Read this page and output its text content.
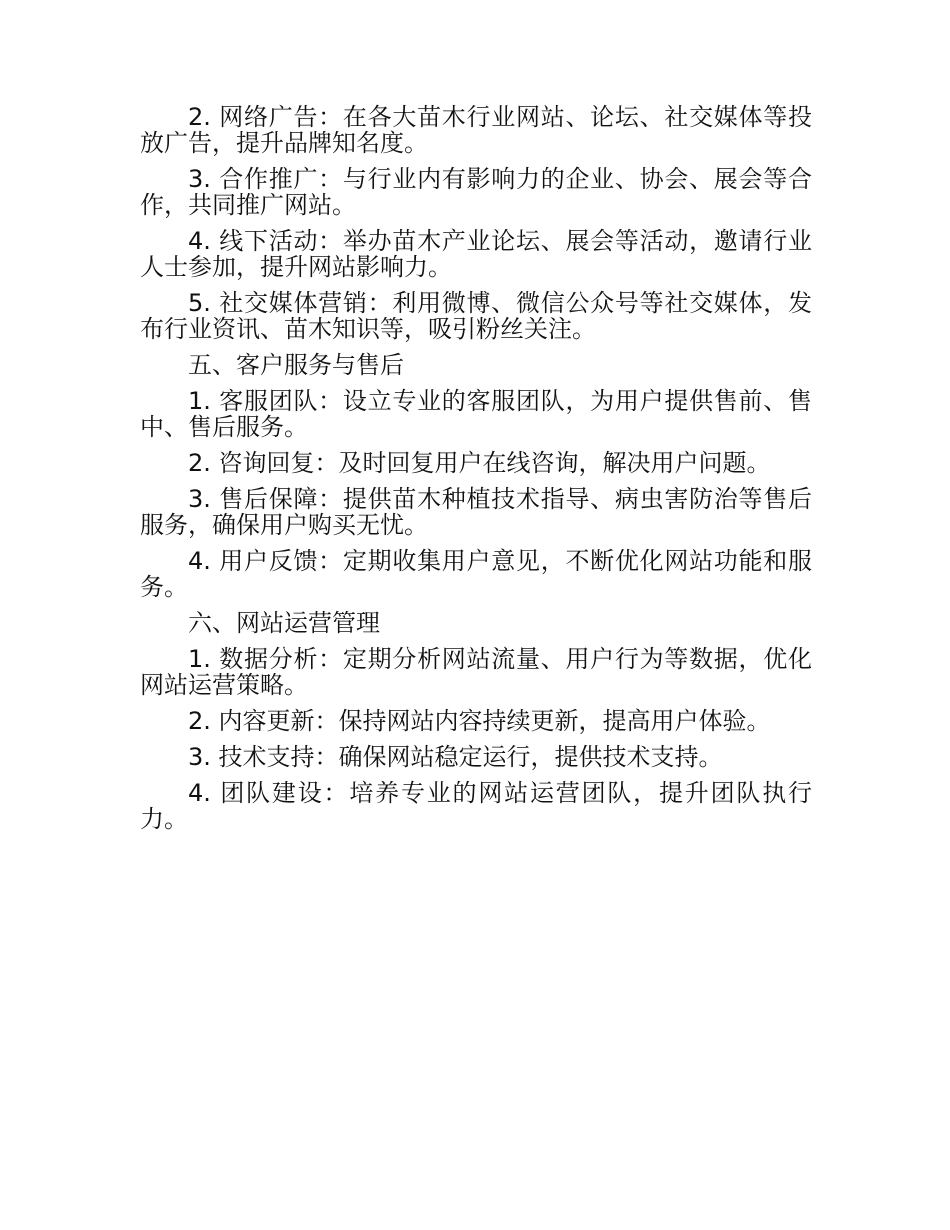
2. 网络广告：在各大苗木行业网站、论坛、社交媒体等投放广告，提升品牌知名度。

3. 合作推广：与行业内有影响力的企业、协会、展会等合作，共同推广网站。

4. 线下活动：举办苗木产业论坛、展会等活动，邀请行业人士参加，提升网站影响力。

5. 社交媒体营销：利用微博、微信公众号等社交媒体，发布行业资讯、苗木知识等，吸引粉丝关注。

五、客户服务与售后

1. 客服团队：设立专业的客服团队，为用户提供售前、售中、售后服务。

2. 咨询回复：及时回复用户在线咨询，解决用户问题。

3. 售后保障：提供苗木种植技术指导、病虫害防治等售后服务，确保用户购买无忧。

4. 用户反馈：定期收集用户意见，不断优化网站功能和服务。

六、网站运营管理

1. 数据分析：定期分析网站流量、用户行为等数据，优化网站运营策略。

2. 内容更新：保持网站内容持续更新，提高用户体验。

3. 技术支持：确保网站稳定运行，提供技术支持。

4. 团队建设：培养专业的网站运营团队，提升团队执行力。
